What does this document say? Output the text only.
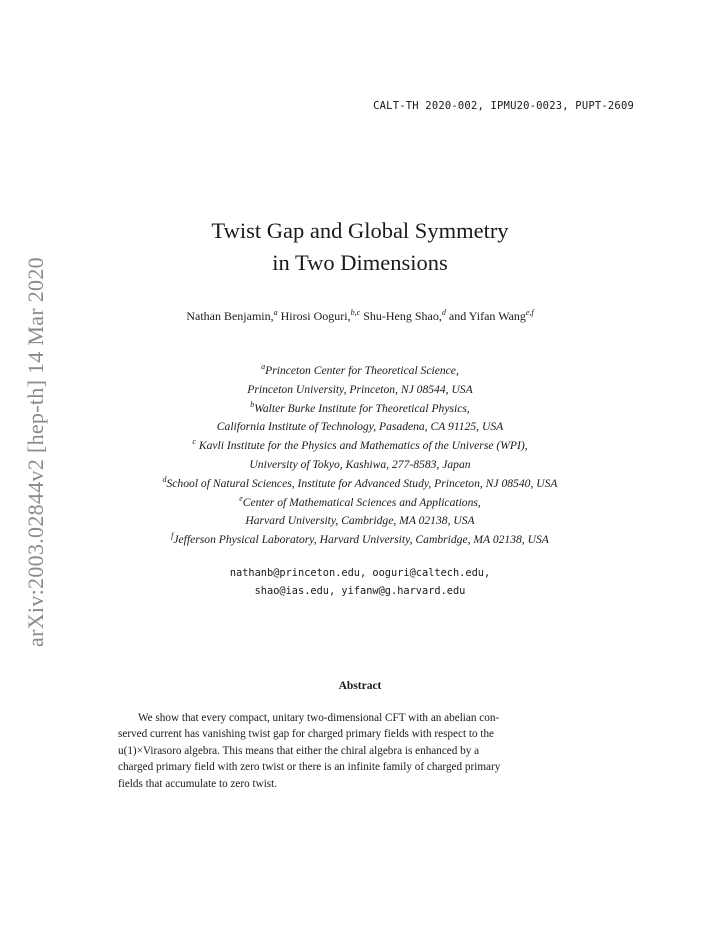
CALT-TH 2020-002, IPMU20-0023, PUPT-2609
arXiv:2003.02844v2 [hep-th] 14 Mar 2020
Twist Gap and Global Symmetry
in Two Dimensions
Nathan Benjamin,$^a$ Hirosi Ooguri,$^{b,c}$ Shu-Heng Shao,$^d$ and Yifan Wang$^{e,f}$
$^a$Princeton Center for Theoretical Science,
Princeton University, Princeton, NJ 08544, USA
$^b$Walter Burke Institute for Theoretical Physics,
California Institute of Technology, Pasadena, CA 91125, USA
$^c$ Kavli Institute for the Physics and Mathematics of the Universe (WPI),
University of Tokyo, Kashiwa, 277-8583, Japan
$^d$School of Natural Sciences, Institute for Advanced Study, Princeton, NJ 08540, USA
$^e$Center of Mathematical Sciences and Applications,
Harvard University, Cambridge, MA 02138, USA
$^f$Jefferson Physical Laboratory, Harvard University, Cambridge, MA 02138, USA
nathanb@princeton.edu, ooguri@caltech.edu,
shao@ias.edu, yifanw@g.harvard.edu
Abstract
We show that every compact, unitary two-dimensional CFT with an abelian con-
served current has vanishing twist gap for charged primary fields with respect to the
u(1)×Virasoro algebra. This means that either the chiral algebra is enhanced by a
charged primary field with zero twist or there is an infinite family of charged primary
fields that accumulate to zero twist.
